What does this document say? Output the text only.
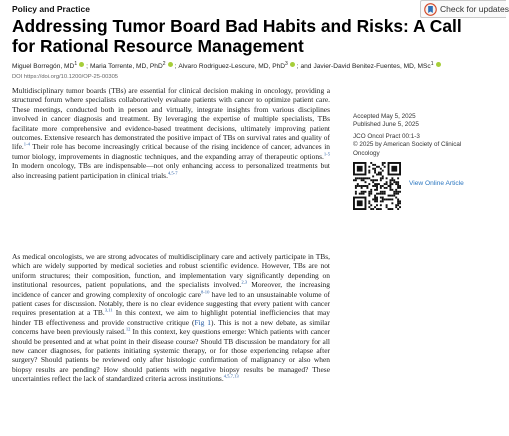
Policy and Practice	Check for updates
Addressing Tumor Board Bad Habits and Risks: A Call for Rational Resource Management
Miguel Borregón, $MD^1$ ; Maria Torrente, MD, PhD$^2$ ; Alvaro Rodriguez-Lescure, MD, PhD$^3$ ; and Javier-David Benitez-Fuentes, MD, MSc$^1$
DOI https://doi.org/10.1200/OP-25-00305

Multidisciplinary tumor boards (TBs) are essential for clinical decision making in oncology, providing a structured forum where specialists collaboratively evaluate patients with cancer to optimize patient care. These meetings, conducted both in person and virtually, integrate insights from various disciplines involved in cancer diagnosis and treatment. By leveraging the expertise of multiple specialists, TBs facilitate more comprehensive and evidence-based treatment decisions, ultimately improving patient outcomes. Extensive research has demonstrated the positive impact of TBs on survival rates and quality of life.$^{1-4}$ Their role has become increasingly critical because of the rising incidence of cancer, advances in tumor biology, improvements in diagnostic techniques, and the expanding array of therapeutic options.$^{1-5}$ In modern oncology, TBs are indispensable—not only enhancing access to personalized treatments but also increasing patient participation in clinical trials.$^{4,5-7}$

As medical oncologists, we are strong advocates of multidisciplinary care and actively participate in TBs, which are widely supported by medical societies and robust scientific evidence. However, TBs are not uniform structures; their composition, function, and implementation vary significantly depending on institutional resources, patient populations, and the specialists involved.$^{2,3}$ Moreover, the increasing incidence of cancer and growing complexity of oncologic care$^{8-10}$ have led to an unsustainable volume of patient cases for discussion. Notably, there is no clear evidence suggesting that every patient with cancer requires presentation at a TB.$^{3,11}$ In this context, we aim to highlight potential inefficiencies that may hinder TB effectiveness and provide constructive critique (Fig 1). This is not a new debate, as similar concerns have been previously raised.$^{12}$ In this context, key questions emerge: Which patients with cancer should be presented and at what point in their disease course? Should TB discussion be mandatory for all new cancer diagnoses, for patients initiating systemic therapy, or for those experiencing relapse after surgery? Should patients be reviewed only after histologic confirmation of malignancy or also when biopsy results are pending? How should patients with negative biopsy results be managed? These uncertainties reflect the lack of standardized criteria across institutions.$^{4,5,7,13}$

Accepted May 5, 2025
Published June 5, 2025
JCO Oncol Pract 00:1-3
© 2025 by American Society of Clinical Oncology
View Online Article
